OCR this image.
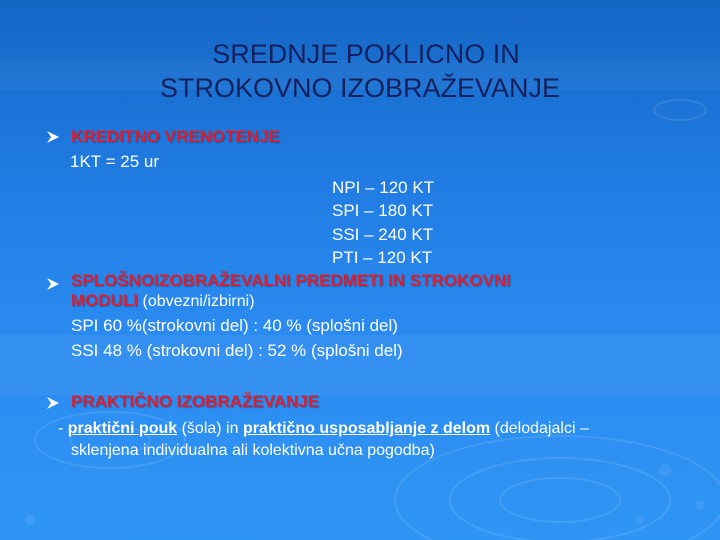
SREDNJE POKLICNO IN
STROKOVNO IZOBRAŽEVANJE
KREDITNO VRENOTENJE
1KT = 25 ur
NPI – 120 KT
SPI – 180 KT
SSI – 240 KT
PTI – 120 KT
SPLOŠNOIZOBRAŽEVALNI PREDMETI IN STROKOVNI
MODULI (obvezni/izbirni)
SPI 60 %(strokovni del) : 40 % (splošni del)
SSI 48 % (strokovni del) : 52 % (splošni del)
PRAKTIČNO IZOBRAŽEVANJE
- praktični pouk (šola) in praktično usposabljanje z delom (delodajalci –
sklenjena individualna ali kolektivna učna pogodba)
